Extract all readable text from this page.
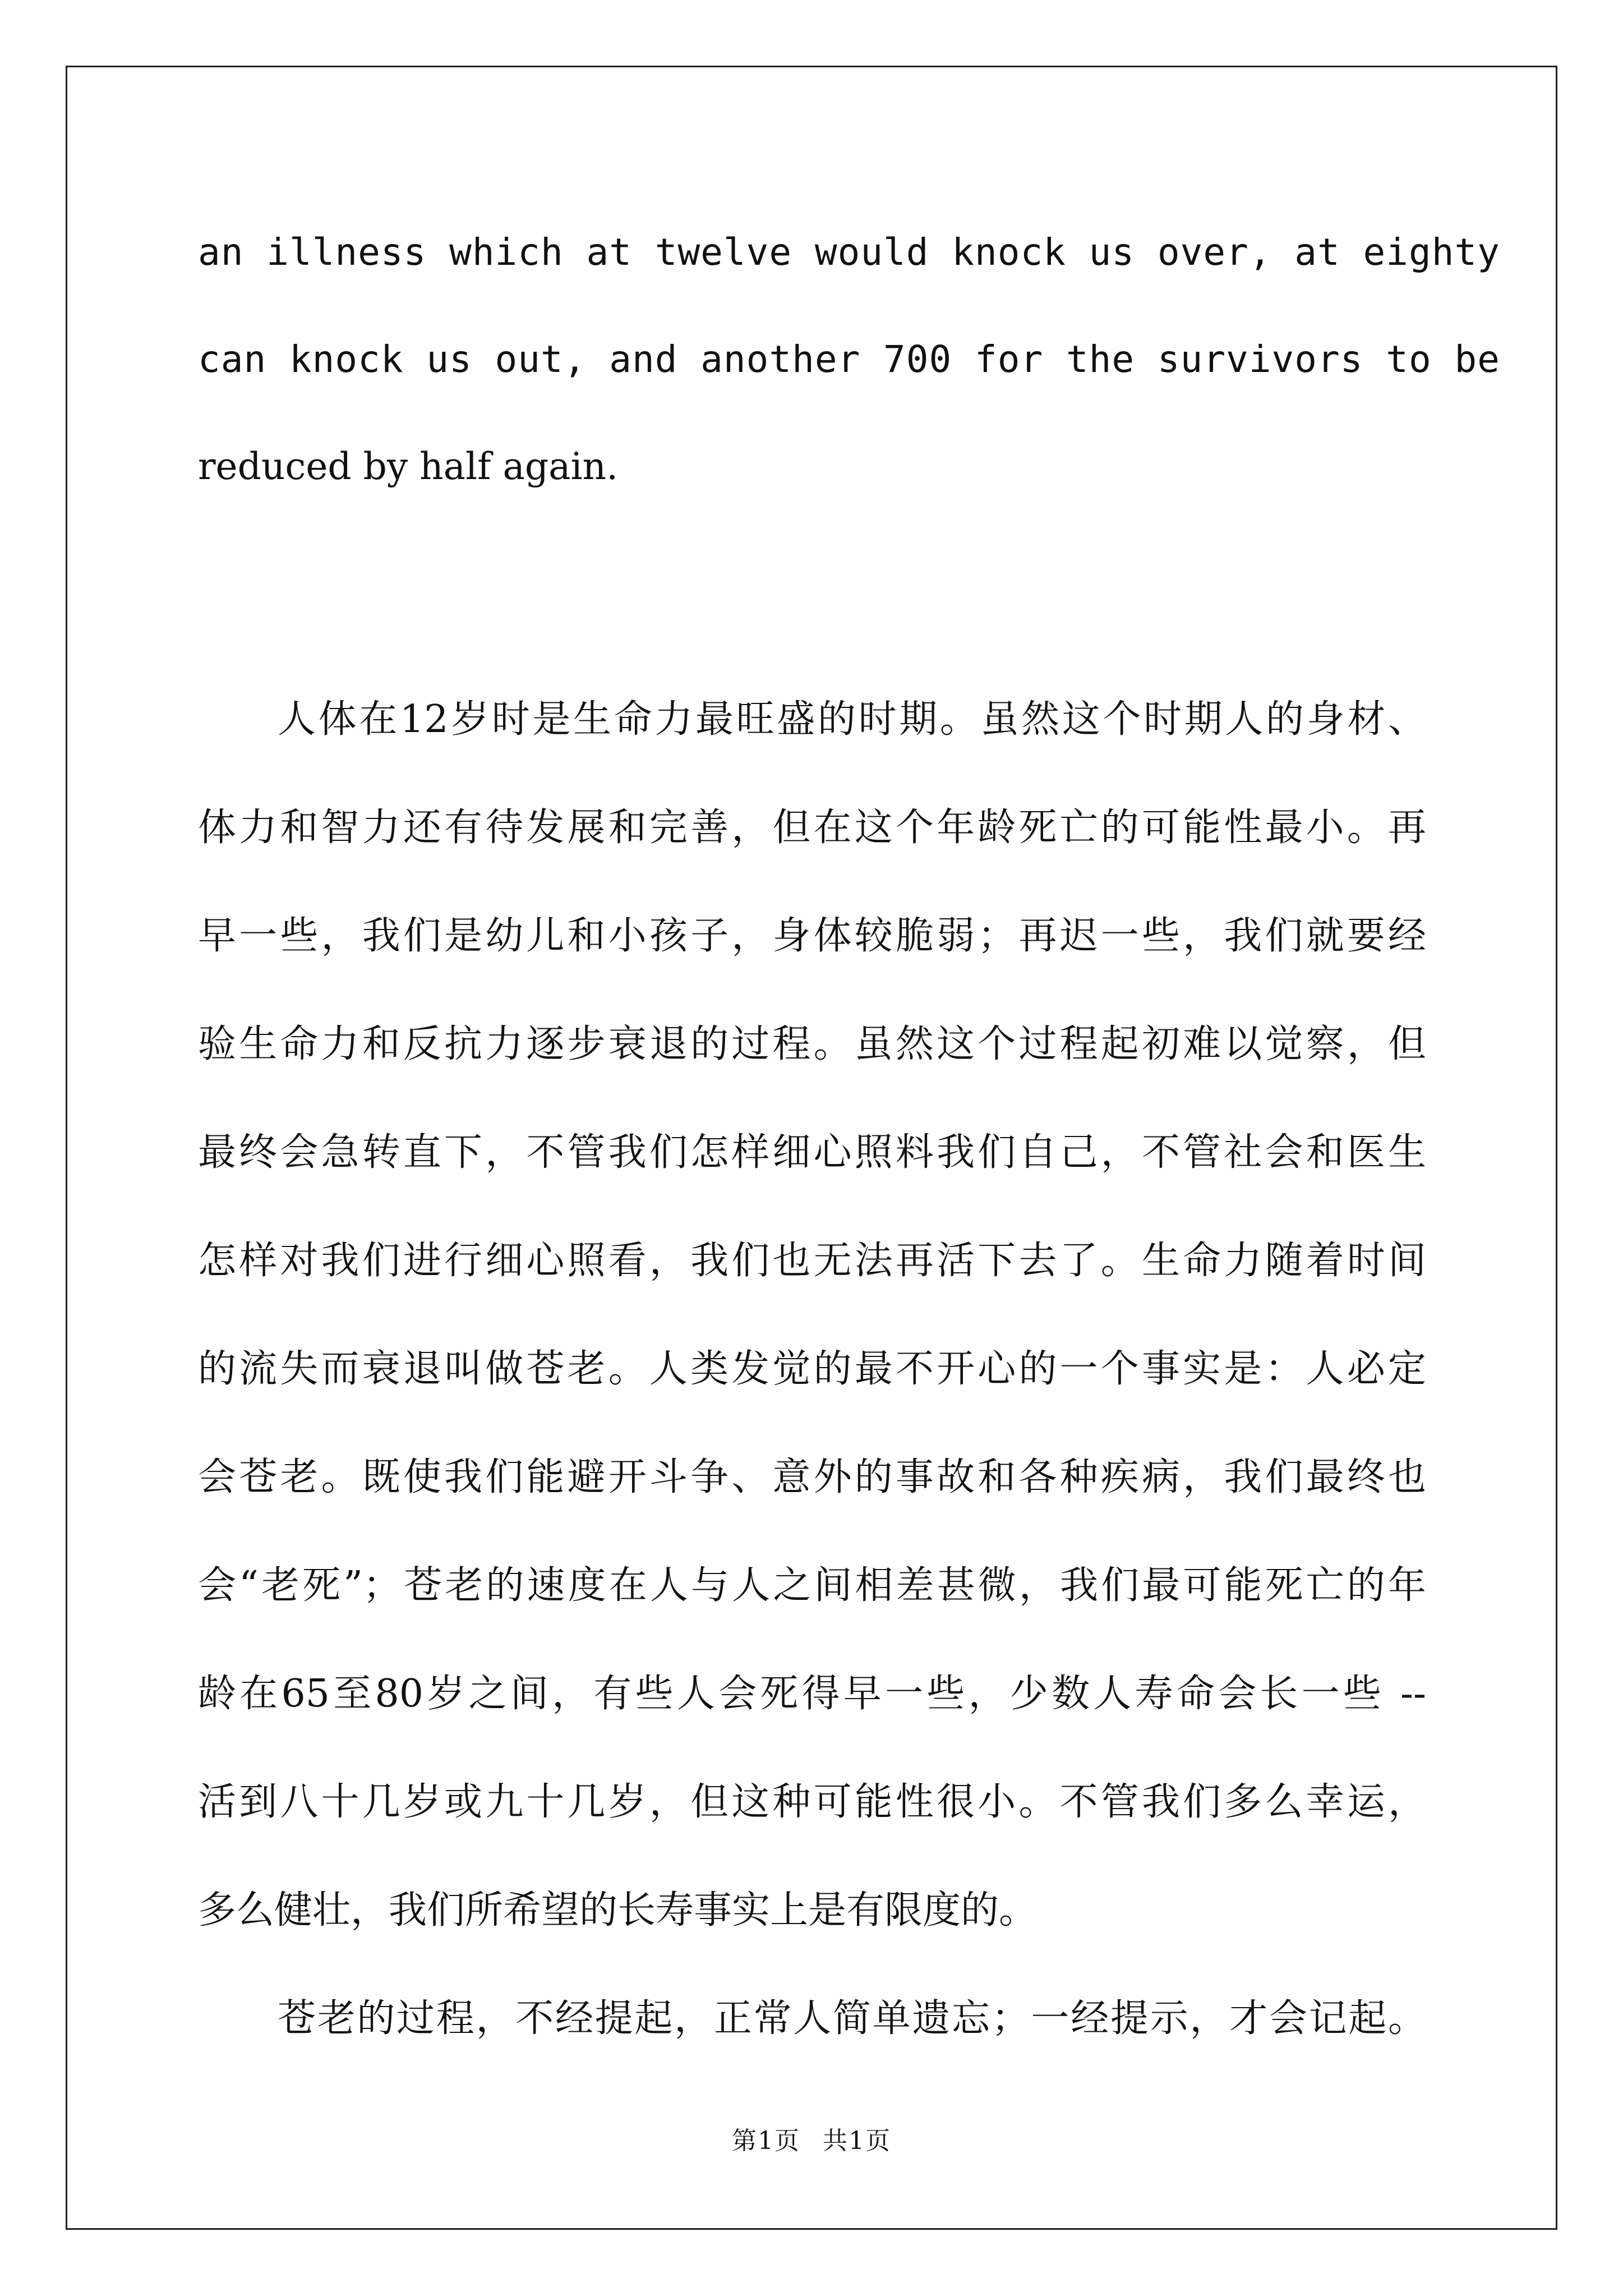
an illness which at twelve would knock us over, at eighty
can knock us out, and another 700 for the survivors to be
reduced by half again.
人体在12岁时是生命力最旺盛的时期。虽然这个时期人的身材、
体力和智力还有待发展和完善，但在这个年龄死亡的可能性最小。再
早一些，我们是幼儿和小孩子，身体较脆弱；再迟一些，我们就要经
验生命力和反抗力逐步衰退的过程。虽然这个过程起初难以觉察，但
最终会急转直下，不管我们怎样细心照料我们自己，不管社会和医生
怎样对我们进行细心照看，我们也无法再活下去了。生命力随着时间
的流失而衰退叫做苍老。人类发觉的最不开心的一个事实是：人必定
会苍老。既使我们能避开斗争、意外的事故和各种疾病，我们最终也
会“老死”；苍老的速度在人与人之间相差甚微，我们最可能死亡的年
龄在65至80岁之间，有些人会死得早一些，少数人寿命会长一些 --
活到八十几岁或九十几岁，但这种可能性很小。不管我们多么幸运，
多么健壮，我们所希望的长寿事实上是有限度的。
苍老的过程，不经提起，正常人简单遗忘；一经提示，才会记起。
第1页 共1页
